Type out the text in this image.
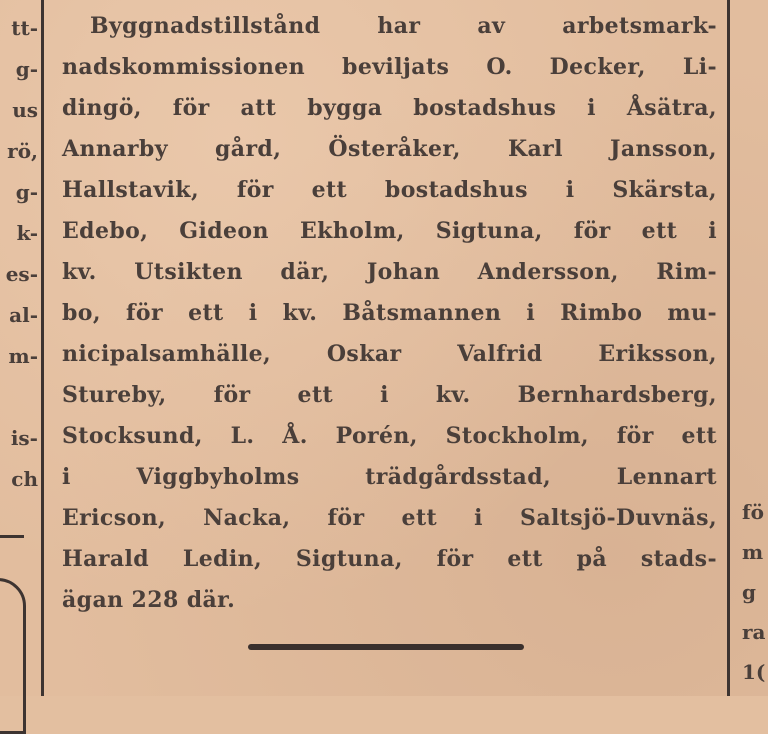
tt-
g-
us
rö,
g-
k-
es-
al-
m-
is-
ch
Byggnadstillstånd har av arbetsmark-
nadskommissionen beviljats O. Decker, Li-
dingö, för att bygga bostadshus i Åsätra,
Annarby gård, Österåker, Karl Jansson,
Hallstavik, för ett bostadshus i Skärsta,
Edebo, Gideon Ekholm, Sigtuna, för ett i
kv. Utsikten där, Johan Andersson, Rim-
bo, för ett i kv. Båtsmannen i Rimbo mu-
nicipalsamhälle, Oskar Valfrid Eriksson,
Stureby, för ett i kv. Bernhardsberg,
Stocksund, L. Å. Porén, Stockholm, för ett
i Viggbyholms trädgårdsstad, Lennart
Ericson, Nacka, för ett i Saltsjö-Duvnäs,
Harald Ledin, Sigtuna, för ett på stads-
ägan 228 där.
fö
m
g
ra
1(
